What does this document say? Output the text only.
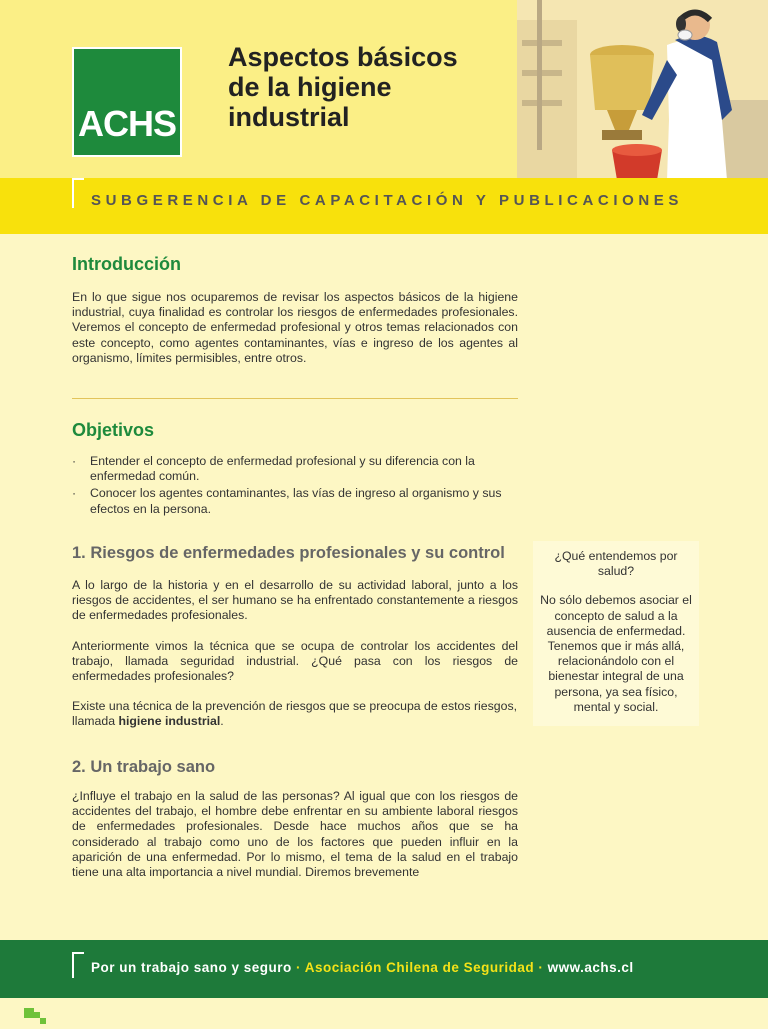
ACHS
Aspectos básicos
de la higiene
industrial
SUBGERENCIA DE CAPACITACIÓN Y PUBLICACIONES
Introducción

En lo que sigue nos ocuparemos de revisar los aspectos básicos de la higiene industrial, cuya finalidad es controlar los riesgos de enfermedades profesionales. Veremos el concepto de enfermedad profesional y otros temas relacionados con este concepto, como agentes contaminantes, vías e ingreso de los agentes al organismo, límites permisibles, entre otros.

Objetivos
· Entender el concepto de enfermedad profesional y su diferencia con la enfermedad común.
· Conocer los agentes contaminantes, las vías de ingreso al organismo y sus efectos en la persona.
1. Riesgos de enfermedades profesionales y su control

A lo largo de la historia y en el desarrollo de su actividad laboral, junto a los riesgos de accidentes, el ser humano se ha enfrentado constantemente a riesgos de enfermedades profesionales.

Anteriormente vimos la técnica que se ocupa de controlar los accidentes del trabajo, llamada seguridad industrial. ¿Qué pasa con los riesgos de enfermedades profesionales?

Existe una técnica de la prevención de riesgos que se preocupa de estos riesgos, llamada higiene industrial.

2. Un trabajo sano

¿Influye el trabajo en la salud de las personas? Al igual que con los riesgos de accidentes del trabajo, el hombre debe enfrentar en su ambiente laboral riesgos de enfermedades profesionales. Desde hace muchos años que se ha considerado al trabajo como uno de los factores que pueden influir en la aparición de una enfermedad. Por lo mismo, el tema de la salud en el trabajo tiene una alta importancia a nivel mundial. Diremos brevemente

¿Qué entendemos por salud?

No sólo debemos asociar el concepto de salud a la ausencia de enfermedad. Tenemos que ir más allá, relacionándolo con el bienestar integral de una persona, ya sea físico, mental y social.

Por un trabajo sano y seguro · Asociación Chilena de Seguridad · www.achs.cl
